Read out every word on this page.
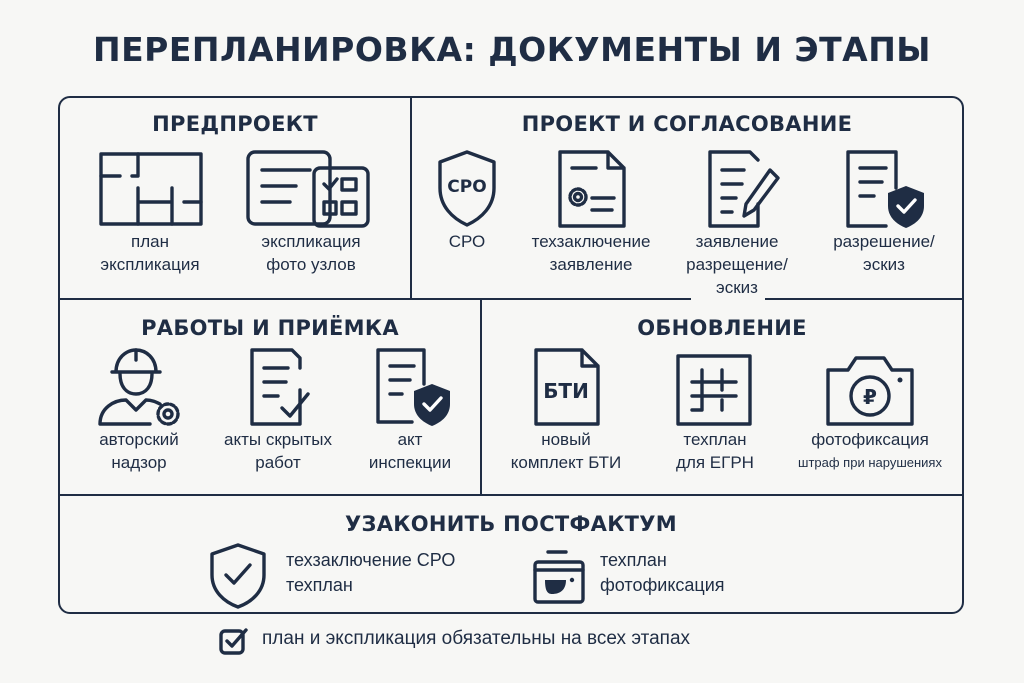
ПЕРЕПЛАНИРОВКА: ДОКУМЕНТЫ И ЭТАПЫ
ПРЕДПРОЕКТ
план
экспликация
экспликация
фото узлов
ПРОЕКТ И СОГЛАСОВАНИЕ
СРО
СРО	техзаключение
заявление
заявление
разрещение/
эскиз
разрешение/
эскиз
РАБОТЫ И ПРИЁМКА
авторский
надзор
акты скрытых
работ
акт
инспекции
ОБНОВЛЕНИЕ
БТИ
новый
комплект БТИ
техплан
для ЕГРН
₽
фотофиксация
штраф при нарушениях
УЗАКОНИТЬ ПОСТФАКТУМ
техзаключение СРО
техплан
техплан
фотофиксация
план и экспликация обязательны на всех этапах
